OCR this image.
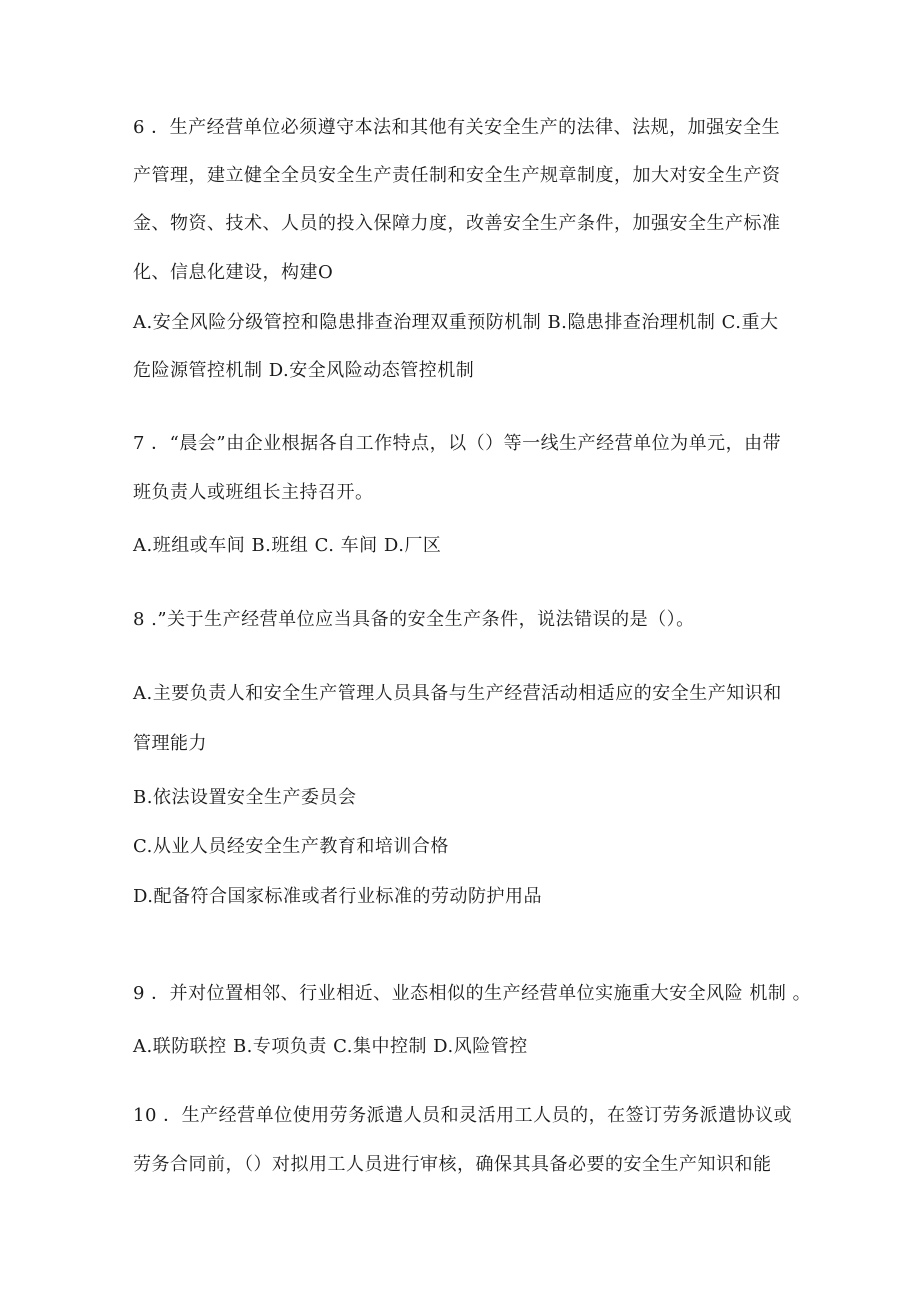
6 ．生产经营单位必须遵守本法和其他有关安全生产的法律、法规，加强安全生
产管理，建立健全全员安全生产责任制和安全生产规章制度，加大对安全生产资
金、物资、技术、人员的投入保障力度，改善安全生产条件，加强安全生产标准
化、信息化建设，构建O
A.安全风险分级管控和隐患排查治理双重预防机制 B.隐患排查治理机制 C.重大
危险源管控机制 D.安全风险动态管控机制
7 ．“晨会”由企业根据各自工作特点，以（）等一线生产经营单位为单元，由带
班负责人或班组长主持召开。
A.班组或车间 B.班组 C. 车间 D.厂区
8 .”关于生产经营单位应当具备的安全生产条件，说法错误的是（）。
A.主要负责人和安全生产管理人员具备与生产经营活动相适应的安全生产知识和
管理能力
B.依法设置安全生产委员会
C.从业人员经安全生产教育和培训合格
D.配备符合国家标准或者行业标准的劳动防护用品
9 ．并对位置相邻、行业相近、业态相似的生产经营单位实施重大安全风险 机制 。
A.联防联控 B.专项负责 C.集中控制 D.风险管控
10 ．生产经营单位使用劳务派遣人员和灵活用工人员的，在签订劳务派遣协议或
劳务合同前，（）对拟用工人员进行审核，确保其具备必要的安全生产知识和能
